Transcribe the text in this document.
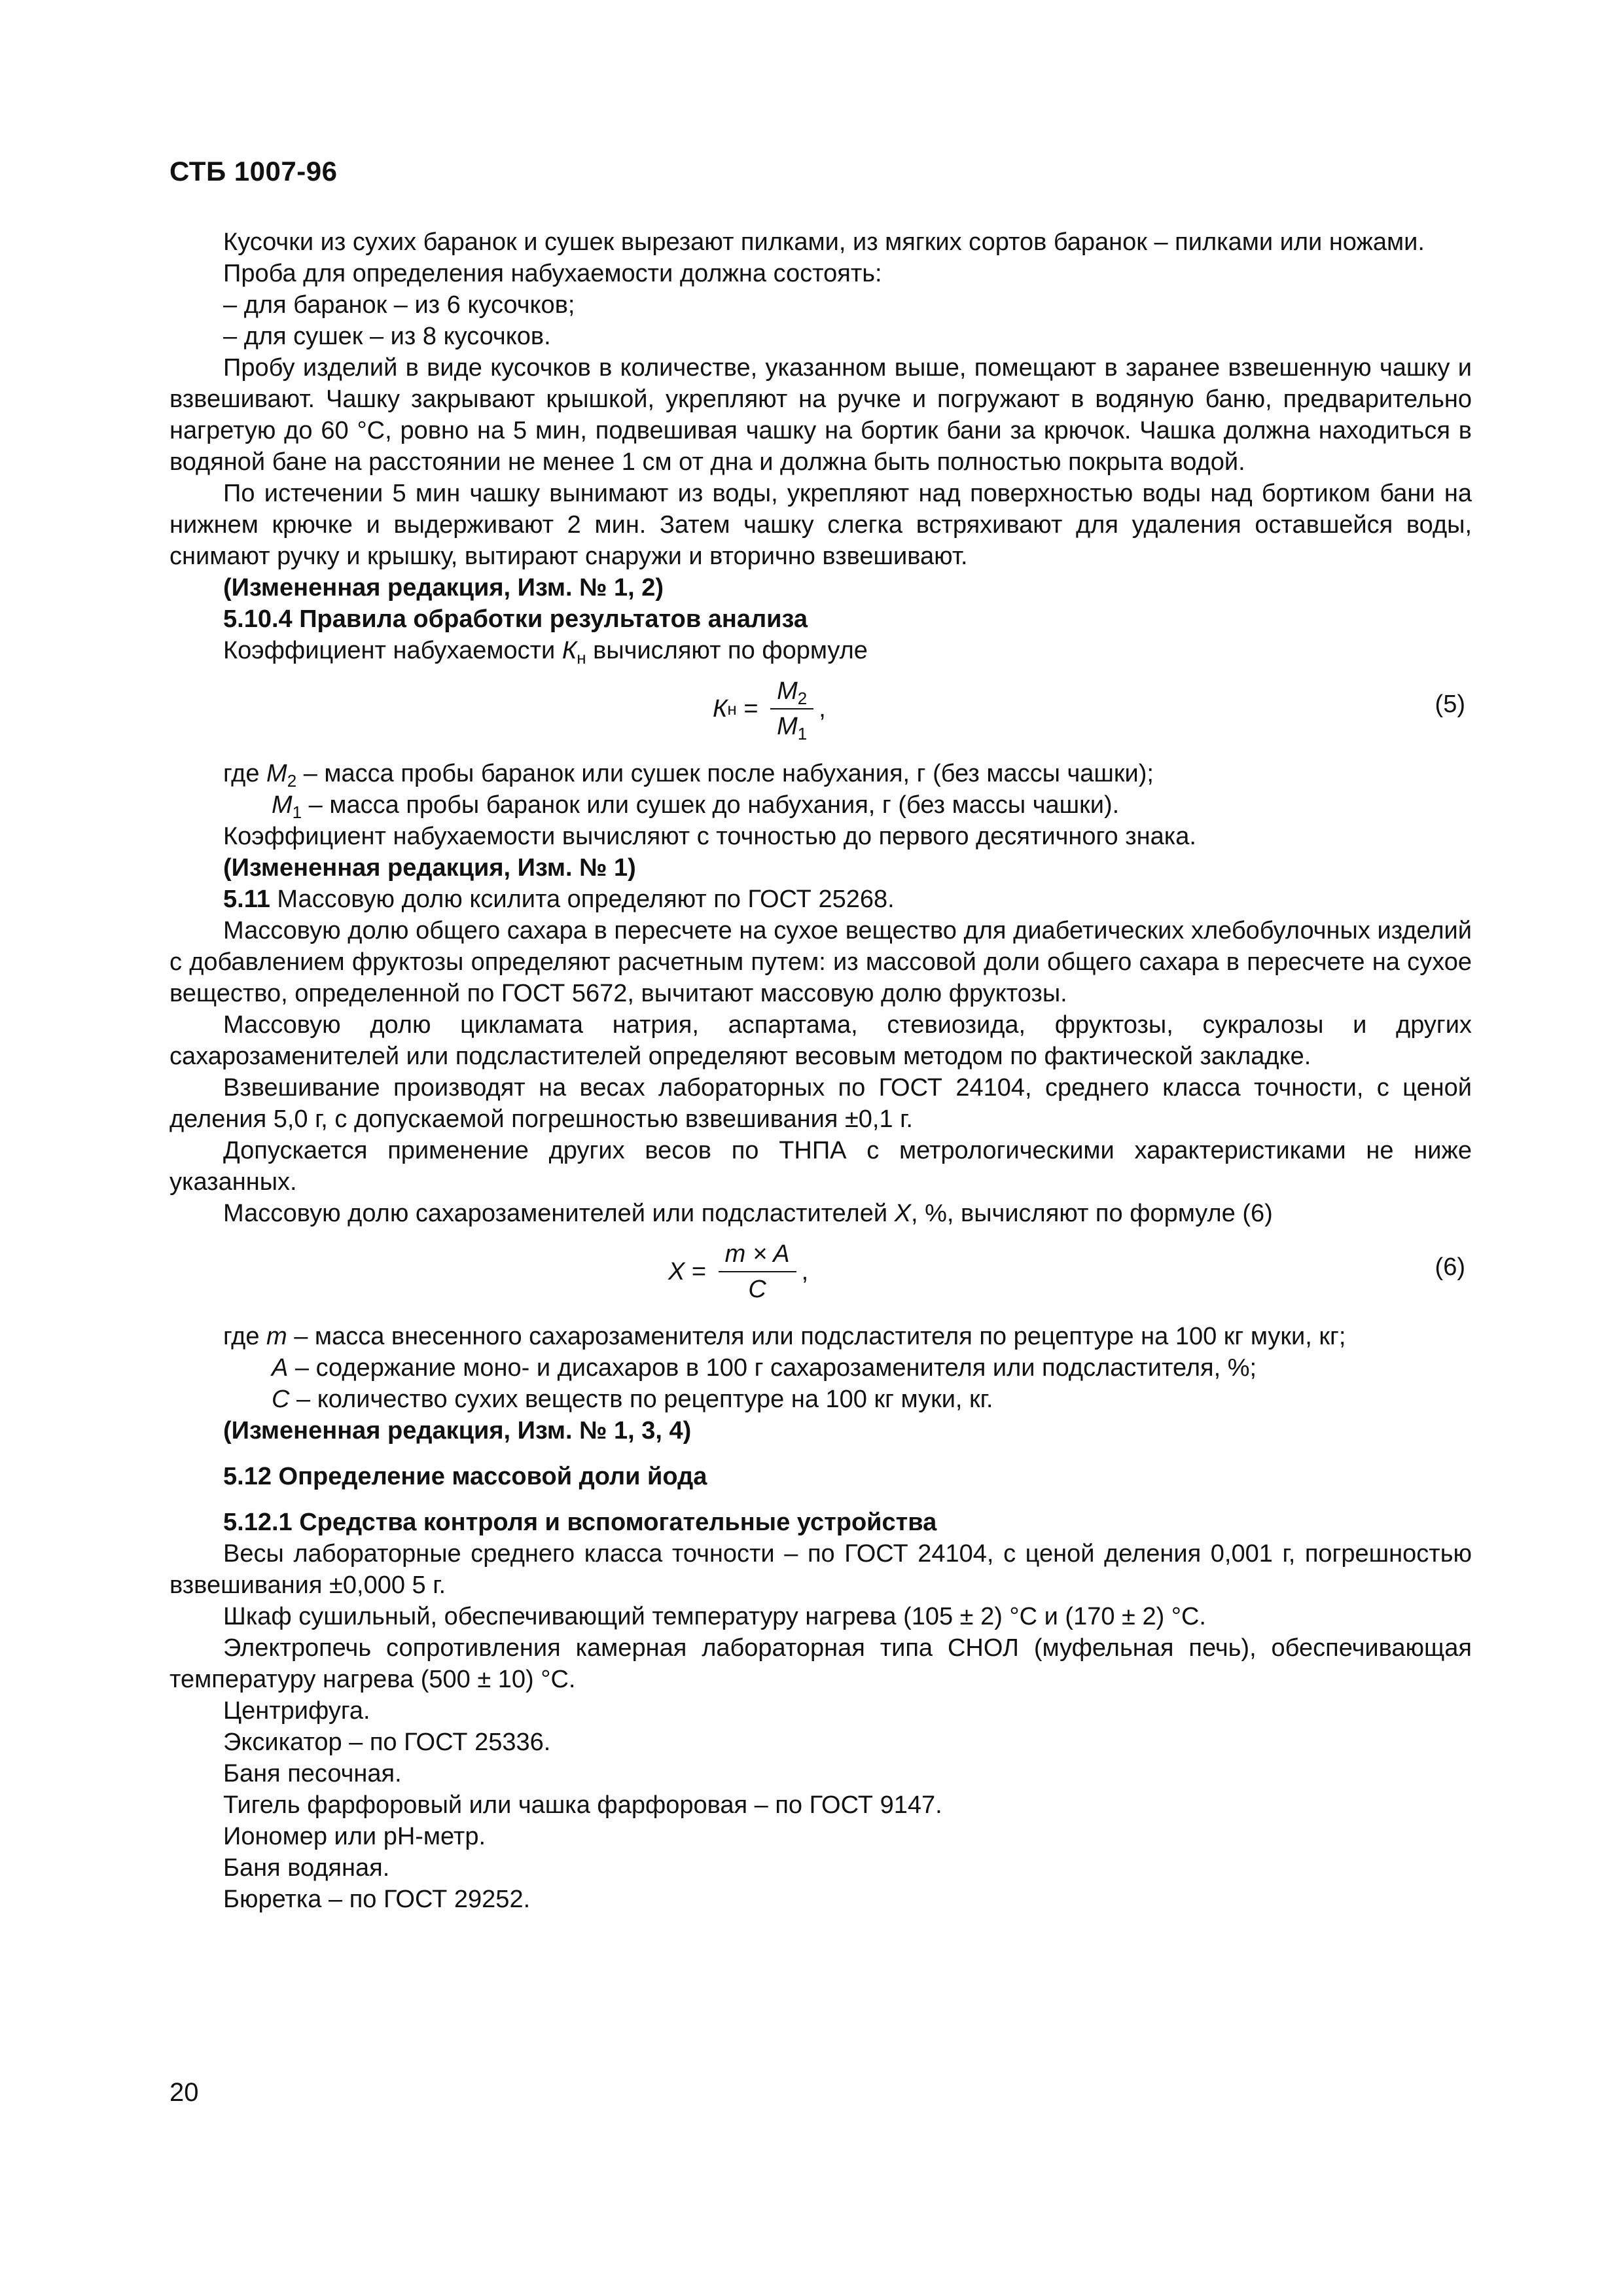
СТБ 1007-96

Кусочки из сухих баранок и сушек вырезают пилками, из мягких сортов баранок – пилками или ножами.

Проба для определения набухаемости должна состоять:

– для баранок – из 6 кусочков;

– для сушек – из 8 кусочков.

Пробу изделий в виде кусочков в количестве, указанном выше, помещают в заранее взвешенную чашку и взвешивают. Чашку закрывают крышкой, укрепляют на ручке и погружают в водяную баню, предварительно нагретую до 60 °С, ровно на 5 мин, подвешивая чашку на бортик бани за крючок. Чашка должна находиться в водяной бане на расстоянии не менее 1 см от дна и должна быть полностью покрыта водой.

По истечении 5 мин чашку вынимают из воды, укрепляют над поверхностью воды над бортиком бани на нижнем крючке и выдерживают 2 мин. Затем чашку слегка встряхивают для удаления оставшейся воды, снимают ручку и крышку, вытирают снаружи и вторично взвешивают.

(Измененная редакция, Изм. № 1, 2)

5.10.4 Правила обработки результатов анализа

Коэффициент набухаемости $К_н$ вычисляют по формуле

К $н = \frac{М_2}{М_1}$ ,	(5)

где $М_2$ – масса пробы баранок или сушек после набухания, г (без массы чашки);

$М_1$ – масса пробы баранок или сушек до набухания, г (без массы чашки).

Коэффициент набухаемости вычисляют с точностью до первого десятичного знака.

(Измененная редакция, Изм. № 1)

5.11 Массовую долю ксилита определяют по ГОСТ 25268.

Массовую долю общего сахара в пересчете на сухое вещество для диабетических хлебобулочных изделий с добавлением фруктозы определяют расчетным путем: из массовой доли общего сахара в пересчете на сухое вещество, определенной по ГОСТ 5672, вычитают массовую долю фруктозы.

Массовую долю цикламата натрия, аспартама, стевиозида, фруктозы, сукралозы и других сахарозаменителей или подсластителей определяют весовым методом по фактической закладке.

Взвешивание производят на весах лабораторных по ГОСТ 24104, среднего класса точности, с ценой деления 5,0 г, с допускаемой погрешностью взвешивания ±0,1 г.

Допускается применение других весов по ТНПА с метрологическими характеристиками не ниже указанных.

Массовую долю сахарозаменителей или подсластителей Х, %, вычисляют по формуле (6)

$Х = \frac{m \times A}{C}$ ,	(6)

где m – масса внесенного сахарозаменителя или подсластителя по рецептуре на 100 кг муки, кг;

А – содержание моно- и дисахаров в 100 г сахарозаменителя или подсластителя, %;

С – количество сухих веществ по рецептуре на 100 кг муки, кг.

(Измененная редакция, Изм. № 1, 3, 4)

5.12 Определение массовой доли йода

5.12.1 Средства контроля и вспомогательные устройства

Весы лабораторные среднего класса точности – по ГОСТ 24104, с ценой деления 0,001 г, погрешностью взвешивания ±0,000 5 г.

Шкаф сушильный, обеспечивающий температуру нагрева (105 ± 2) °С и (170 ± 2) °С.

Электропечь сопротивления камерная лабораторная типа СНОЛ (муфельная печь), обеспечивающая температуру нагрева (500 ± 10) °С.

Центрифуга.

Эксикатор – по ГОСТ 25336.

Баня песочная.

Тигель фарфоровый или чашка фарфоровая – по ГОСТ 9147.

Иономер или рН-метр.

Баня водяная.

Бюретка – по ГОСТ 29252.

20
